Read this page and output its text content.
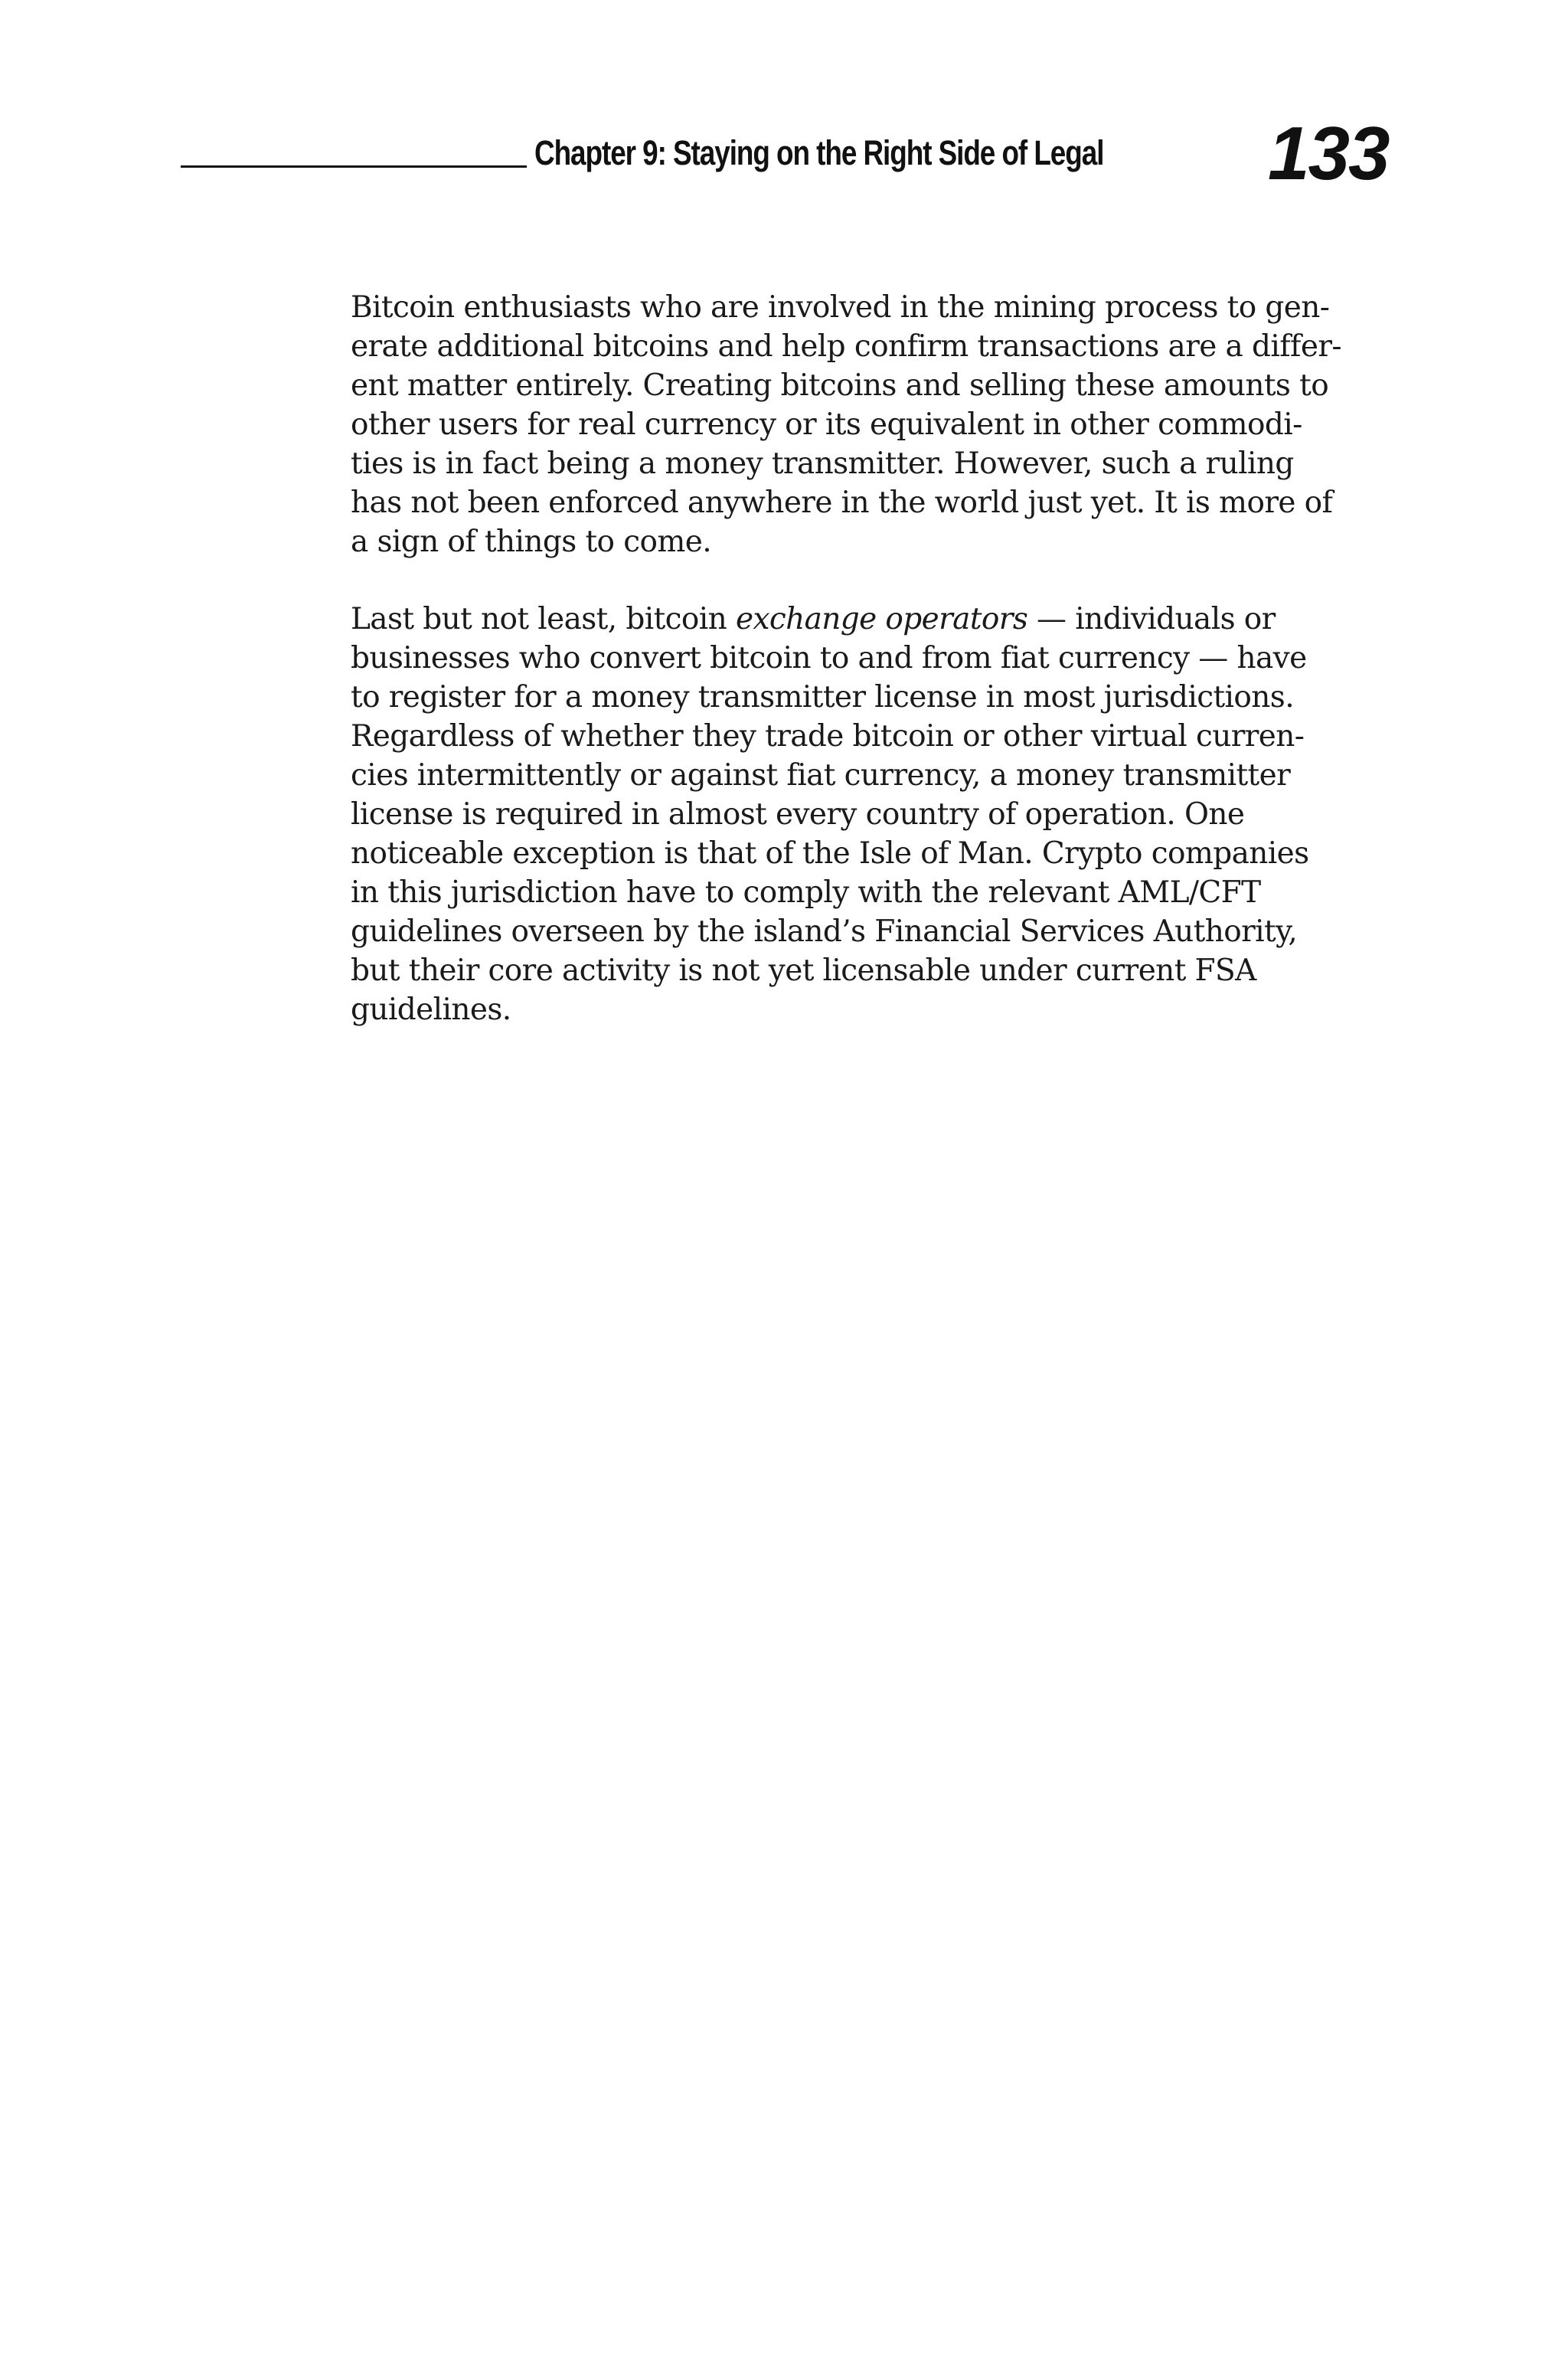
Chapter 9: Staying on the Right Side of Legal 133

Bitcoin enthusiasts who are involved in the mining process to gen-
erate additional bitcoins and help confirm transactions are a differ-
ent matter entirely. Creating bitcoins and selling these amounts to
other users for real currency or its equivalent in other commodi-
ties is in fact being a money transmitter. However, such a ruling
has not been enforced anywhere in the world just yet. It is more of
a sign of things to come.

Last but not least, bitcoin exchange operators — individuals or
businesses who convert bitcoin to and from fiat currency — have
to register for a money transmitter license in most jurisdictions.
Regardless of whether they trade bitcoin or other virtual curren-
cies intermittently or against fiat currency, a money transmitter
license is required in almost every country of operation. One
noticeable exception is that of the Isle of Man. Crypto companies
in this jurisdiction have to comply with the relevant AML/CFT
guidelines overseen by the island’s Financial Services Authority,
but their core activity is not yet licensable under current FSA
guidelines.
